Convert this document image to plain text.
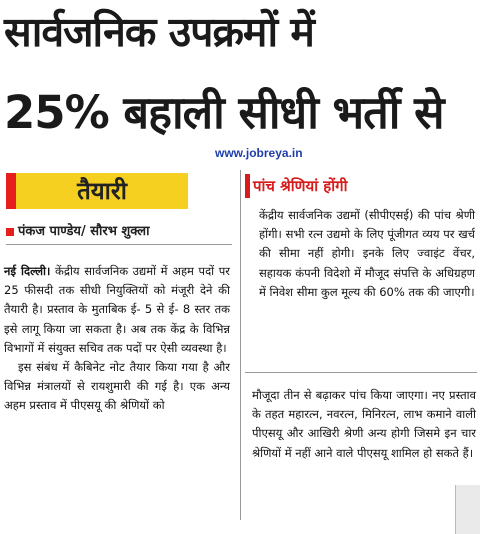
सार्वजनिक उपक्रमों में
25% बहाली सीधी भर्ती से
www.jobreya.in
तैयारी
पंकज पाण्डेय/ सौरभ शुक्ला

नई दिल्ली। केंद्रीय सार्वजनिक उद्यमों में अहम पदों पर 25 फीसदी तक सीधी नियुक्तियों को मंजूरी देने की तैयारी है। प्रस्ताव के मुताबिक ई- 5 से ई- 8 स्तर तक इसे लागू किया जा सकता है। अब तक केंद्र के विभिन्न विभागों में संयुक्त सचिव तक पदों पर ऐसी व्यवस्था है।

इस संबंध में कैबिनेट नोट तैयार किया गया है और विभिन्न मंत्रालयों से रायशुमारी की गई है। एक अन्य अहम प्रस्ताव में पीएसयू की श्रेणियों को

पांच श्रेणियां होंगी
केंद्रीय सार्वजनिक उद्यमों (सीपीएसई) की पांच श्रेणी होंगी। सभी रत्न उद्यमो के लिए पूंजीगत व्यय पर खर्च की सीमा नहीं होगी। इनके लिए ज्वाइंट वेंचर, सहायक कंपनी विदेशो में मौजूद संपत्ति के अधिग्रहण में निवेश सीमा कुल मूल्य की 60% तक की जाएगी।

मौजूदा तीन से बढ़ाकर पांच किया जाएगा। नए प्रस्ताव के तहत महारत्न, नवरत्न, मिनिरत्न, लाभ कमाने वाली पीएसयू और आखिरी श्रेणी अन्य होगी जिसमे इन चार श्रेणियों में नहीं आने वाले पीएसयू शामिल हो सकते हैं।
